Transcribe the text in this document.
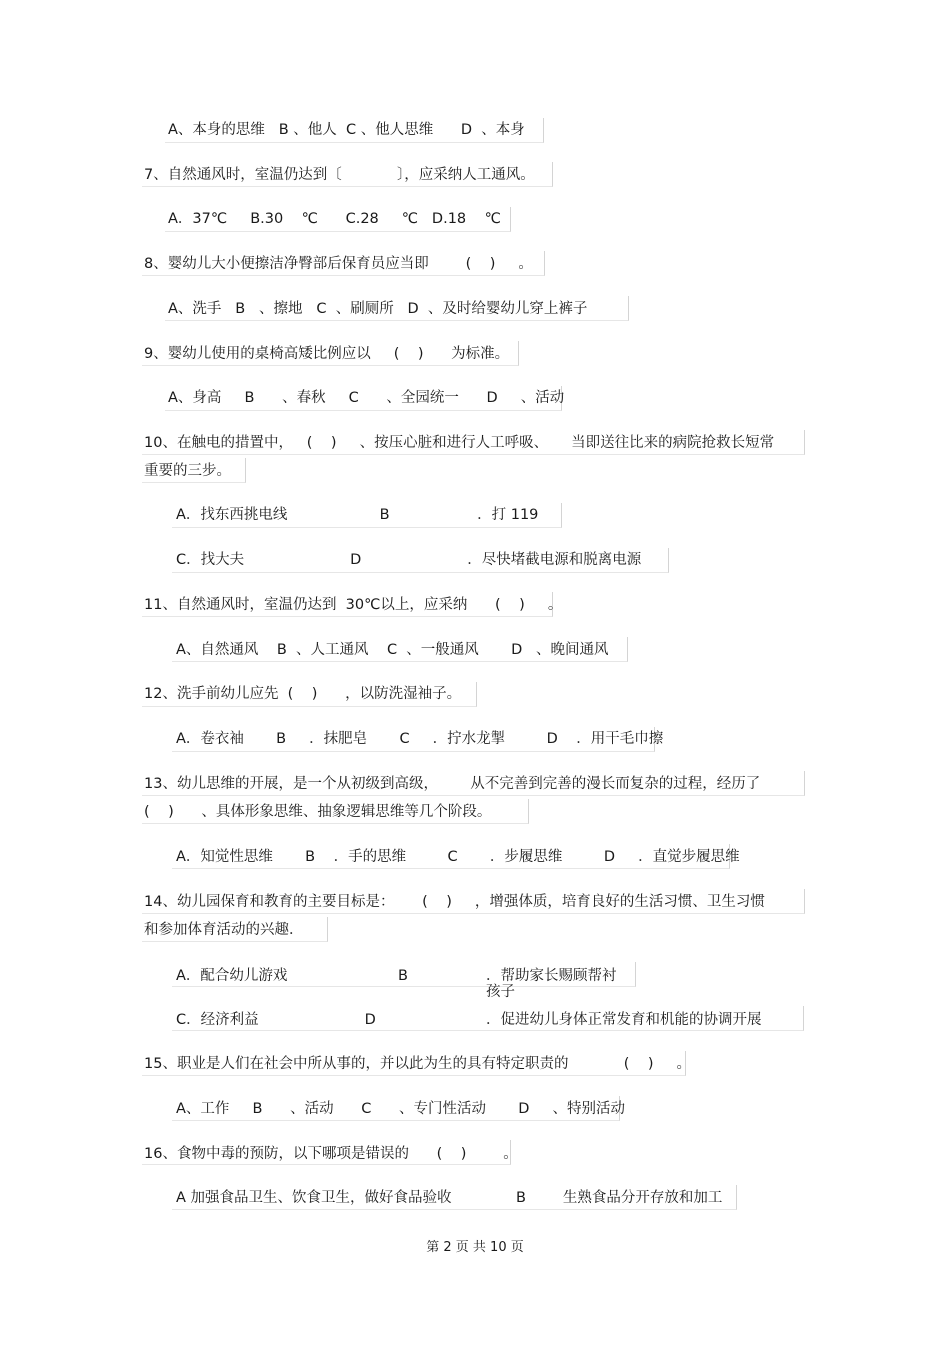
A、本身的思维   B 、他人  C 、他人思维      D  、本身
7、自然通风时，室温仍达到〔            〕，应采纳人工通风。
A．37℃     B.30    ℃      C.28     ℃   D.18    ℃
8、婴幼儿大小便擦洁净臀部后保育员应当即        (    )     。
A、洗手   B   、擦地   C  、刷厕所   D  、及时给婴幼儿穿上裤子
9、婴幼儿使用的桌椅高矮比例应以     (    )      为标准。
A、身高     B      、春秋     C      、全园统一      D     、活动
10、在触电的措置中，   (    )     、按压心脏和进行人工呼吸、     当即送往比来的病院抢救长短常
重要的三步。
A．找东西挑电线                    B                   ．打 119
C．找大夫                       D                       ．尽快堵截电源和脱离电源
11、自然通风时，室温仍达到  30℃以上，应采纳      (    )     。
A、自然通风    B  、人工通风    C  、一般通风       D   、晚间通风
12、洗手前幼儿应先  (    )      ，以防洗湿袖子。
A．卷衣袖       B     ．抹肥皂       C     ．拧水龙掣         D    ．用干毛巾擦
13、幼儿思维的开展，是一个从初级到高级，       从不完善到完善的漫长而复杂的过程，经历了
(    )      、具体形象思维、抽象逻辑思维等几个阶段。
A．知觉性思维       B    ．手的思维         C       ．步履思维         D     ．直觉步履思维
14、幼儿园保育和教育的主要目标是：      (    )     ，增强体质，培育良好的生活习惯、卫生习惯
和参加体育活动的兴趣．
A．配合幼儿游戏                        B	．帮助家长赐顾帮衬
孩子
C．经济利益                       D	．促进幼儿身体正常发育和机能的协调开展
15、职业是人们在社会中所从事的，并以此为生的具有特定职责的            (    )     。
A、工作     B      、活动      C      、专门性活动       D     、特别活动
16、食物中毒的预防，以下哪项是错误的      (    )        。
A 加强食品卫生、饮食卫生，做好食品验收              B        生熟食品分开存放和加工
第 2 页 共 10 页
